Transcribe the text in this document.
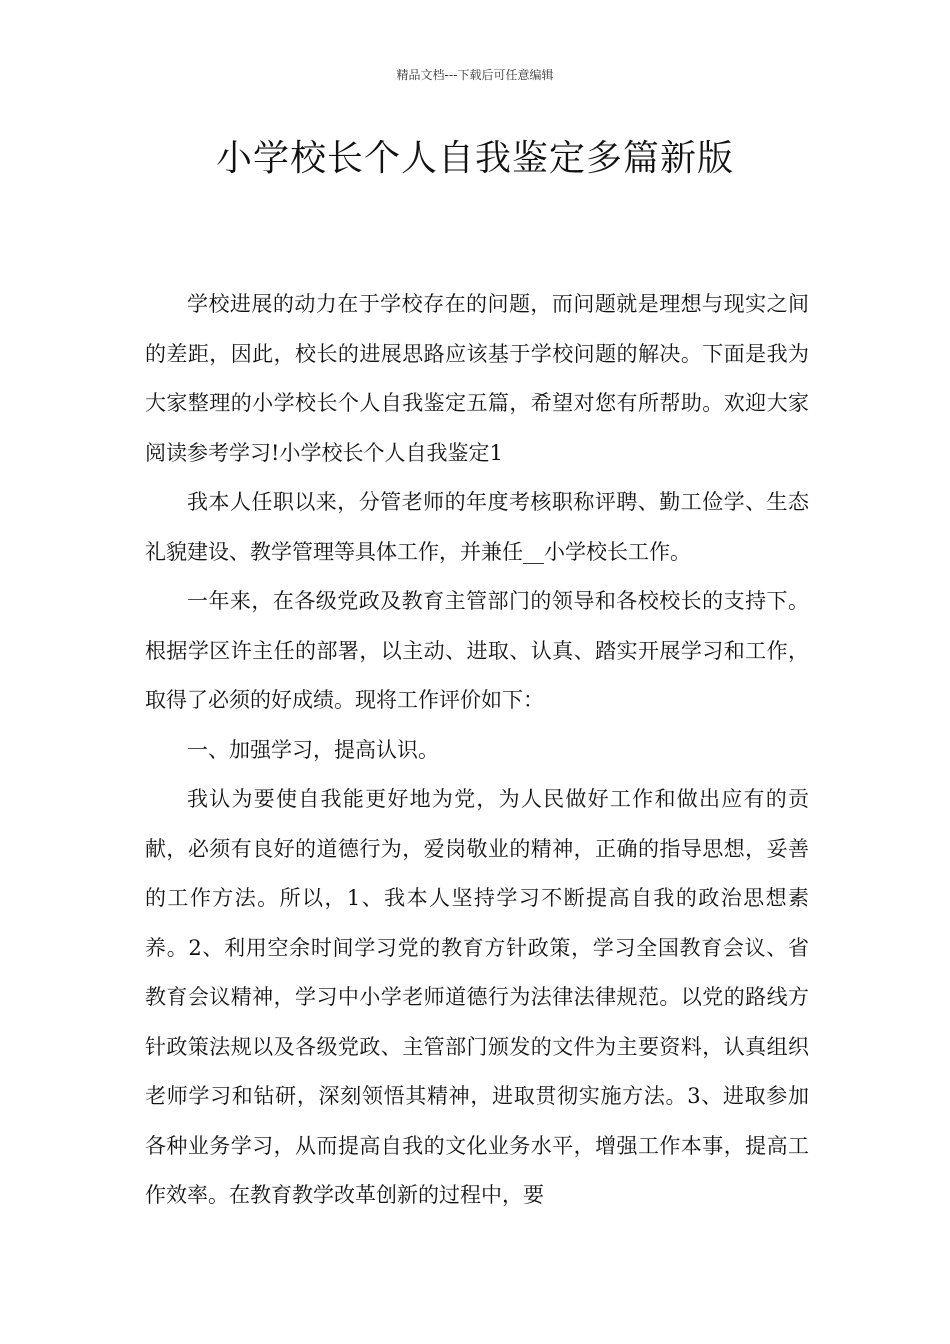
精品文档---下载后可任意编辑
小学校长个人自我鉴定多篇新版

学校进展的动力在于学校存在的问题，而问题就是理想与现实之间的差距，因此，校长的进展思路应该基于学校问题的解决。下面是我为大家整理的小学校长个人自我鉴定五篇，希望对您有所帮助。欢迎大家阅读参考学习!小学校长个人自我鉴定1

我本人任职以来，分管老师的年度考核职称评聘、勤工俭学、生态礼貌建设、教学管理等具体工作，并兼任__小学校长工作。

一年来，在各级党政及教育主管部门的领导和各校校长的支持下。根据学区许主任的部署，以主动、进取、认真、踏实开展学习和工作，取得了必须的好成绩。现将工作评价如下：

一、加强学习，提高认识。

我认为要使自我能更好地为党，为人民做好工作和做出应有的贡献，必须有良好的道德行为，爱岗敬业的精神，正确的指导思想，妥善的工作方法。所以，1、我本人坚持学习不断提高自我的政治思想素养。2、利用空余时间学习党的教育方针政策，学习全国教育会议、省教育会议精神，学习中小学老师道德行为法律法律规范。以党的路线方针政策法规以及各级党政、主管部门颁发的文件为主要资料，认真组织老师学习和钻研，深刻领悟其精神，进取贯彻实施方法。3、进取参加各种业务学习，从而提高自我的文化业务水平，增强工作本事，提高工作效率。在教育教学改革创新的过程中，要
